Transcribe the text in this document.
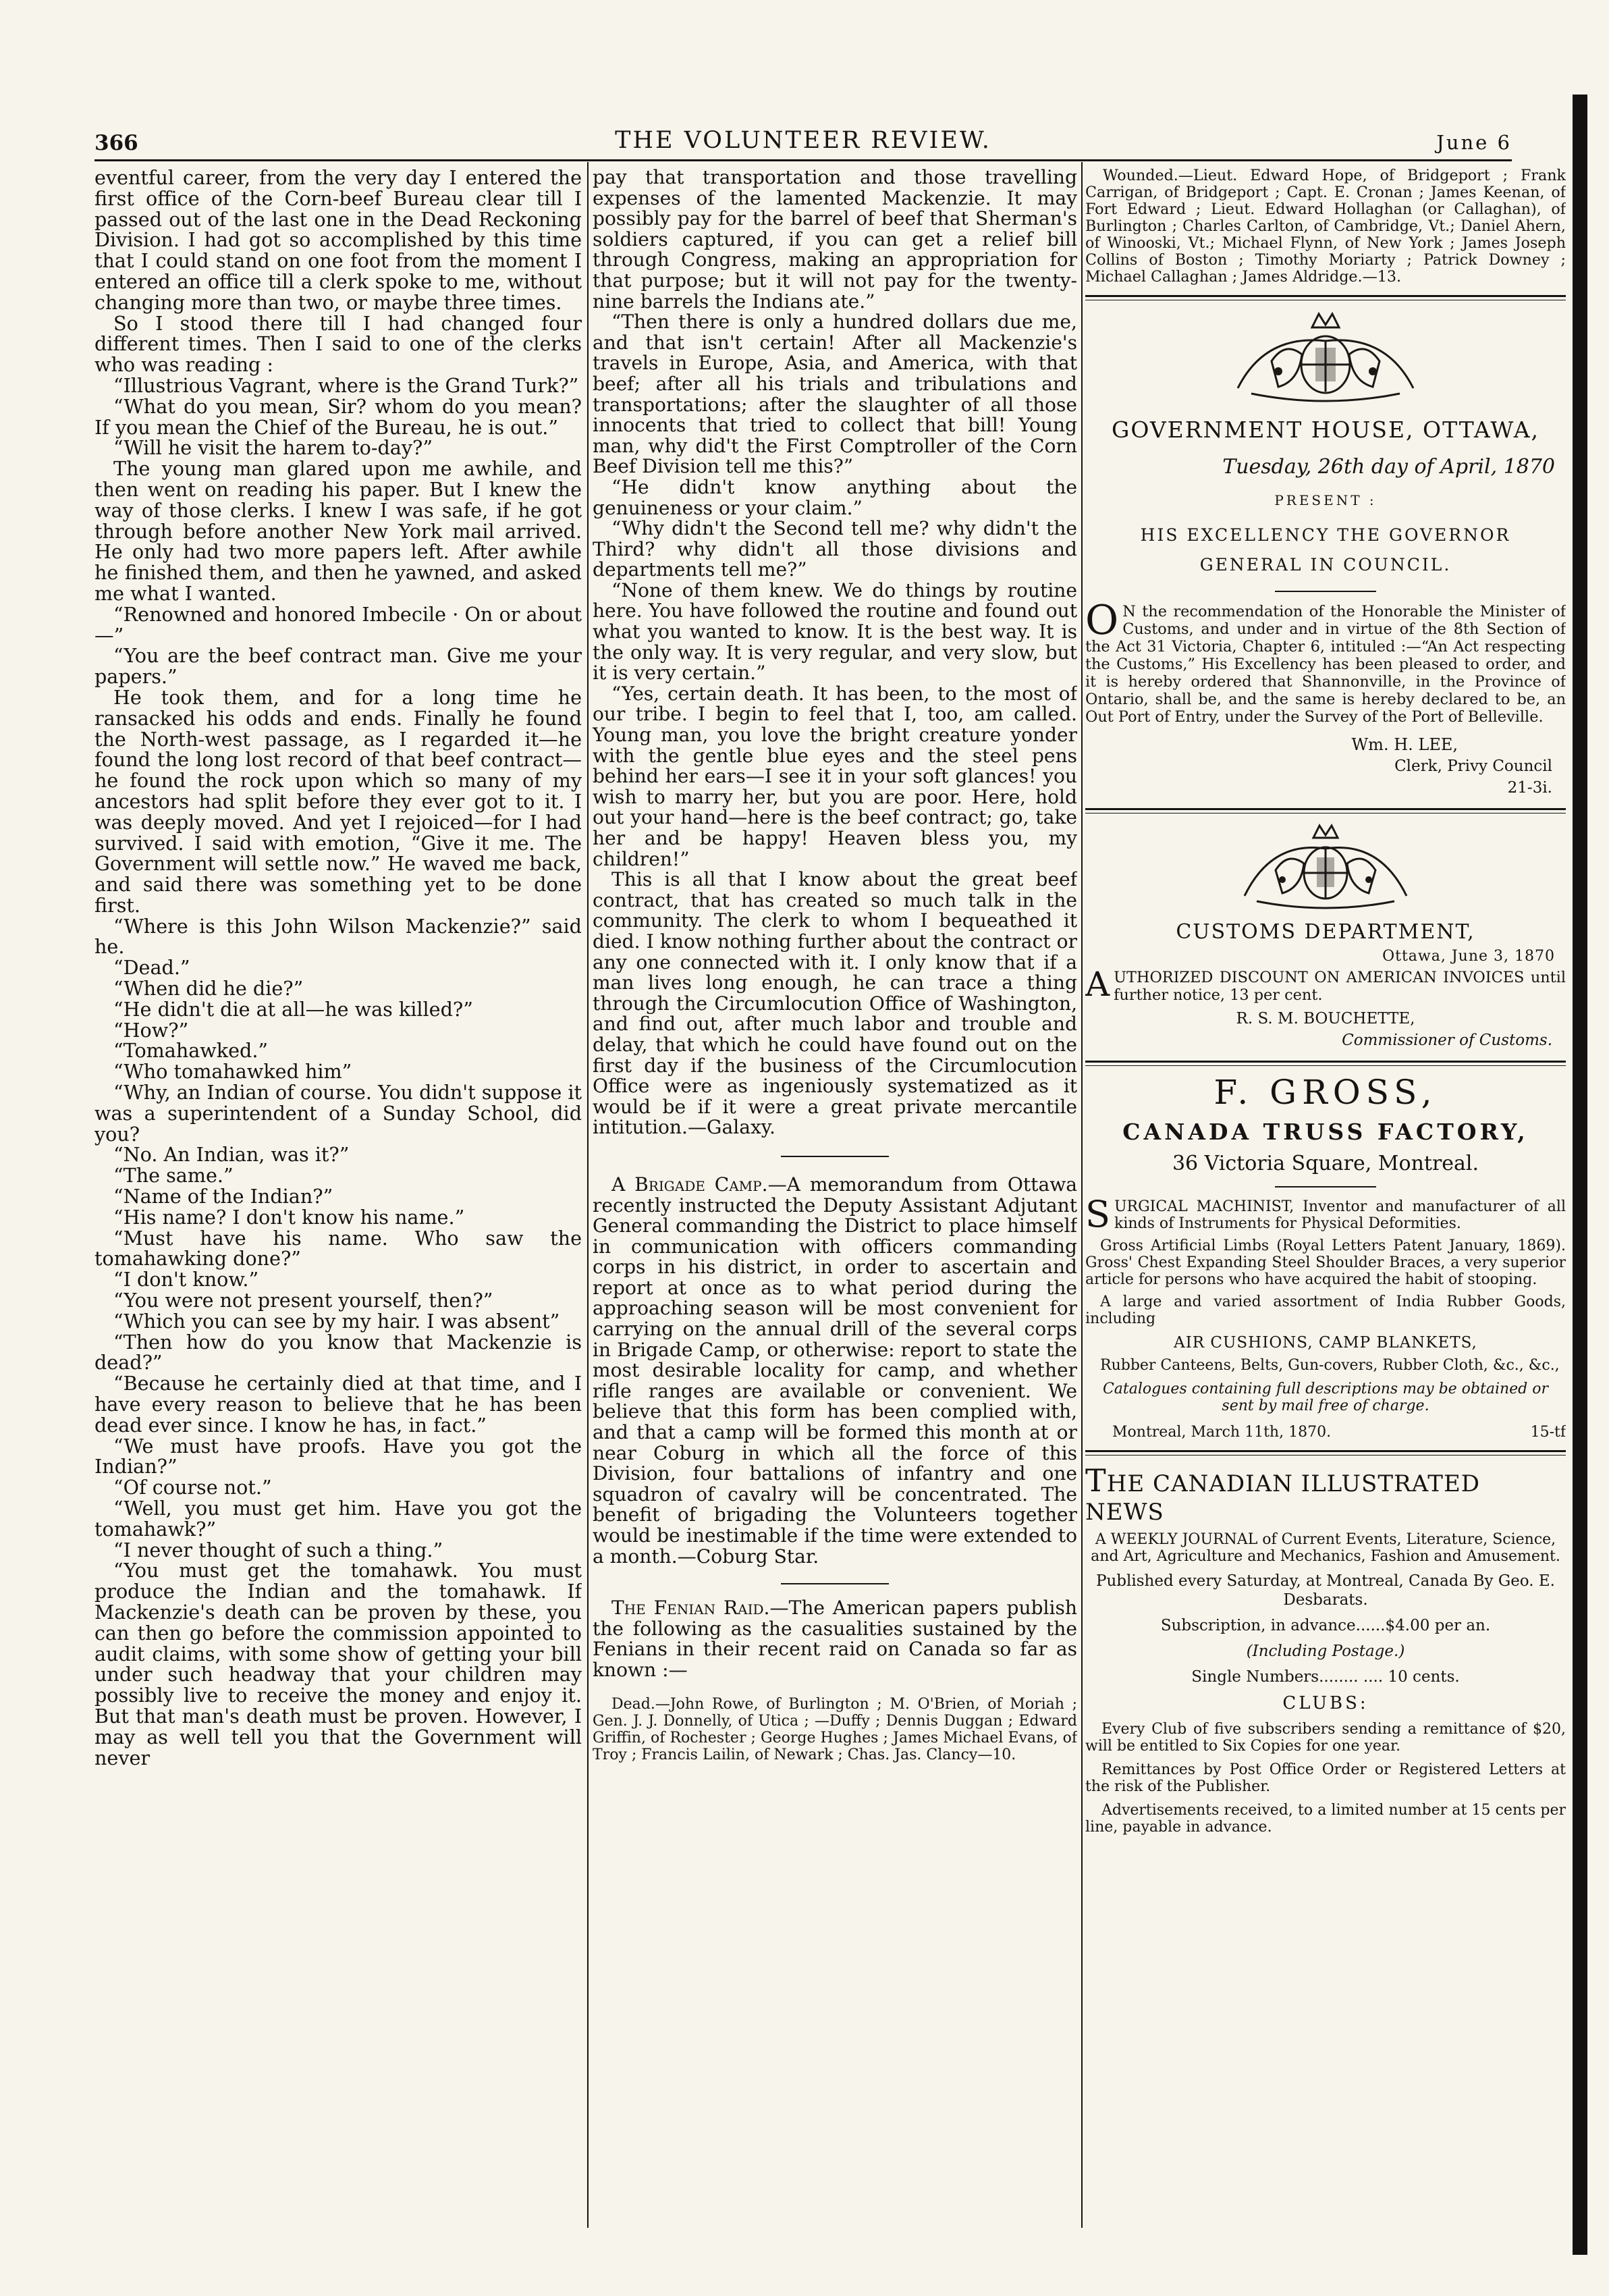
366	THE VOLUNTEER REVIEW.	June 6

eventful career, from the very day I entered the first office of the Corn-beef Bureau clear till I passed out of the last one in the Dead Reckoning Division. I had got so accomplished by this time that I could stand on one foot from the moment I entered an office till a clerk spoke to me, without changing more than two, or maybe three times.

So I stood there till I had changed four different times. Then I said to one of the clerks who was reading :

“Illustrious Vagrant, where is the Grand Turk?”

“What do you mean, Sir? whom do you mean? If you mean the Chief of the Bureau, he is out.”

“Will he visit the harem to-day?”

The young man glared upon me awhile, and then went on reading his paper. But I knew the way of those clerks. I knew I was safe, if he got through before another New York mail arrived. He only had two more papers left. After awhile he finished them, and then he yawned, and asked me what I wanted.

“Renowned and honored Imbecile · On or about—”

“You are the beef contract man. Give me your papers.”

He took them, and for a long time he ransacked his odds and ends. Finally he found the North-west passage, as I regarded it—he found the long lost record of that beef contract—he found the rock upon which so many of my ancestors had split before they ever got to it. I was deeply moved. And yet I rejoiced—for I had survived. I said with emotion, “Give it me. The Government will settle now.” He waved me back, and said there was something yet to be done first.

“Where is this John Wilson Mackenzie?” said he.

“Dead.”

“When did he die?”

“He didn't die at all—he was killed?”

“How?”

“Tomahawked.”

“Who tomahawked him”

“Why, an Indian of course. You didn't suppose it was a superintendent of a Sunday School, did you?

“No. An Indian, was it?”

“The same.”

“Name of the Indian?”

“His name? I don't know his name.”

“Must have his name. Who saw the tomahawking done?”

“I don't know.”

“You were not present yourself, then?”

“Which you can see by my hair. I was absent”

“Then how do you know that Mackenzie is dead?”

“Because he certainly died at that time, and I have every reason to believe that he has been dead ever since. I know he has, in fact.”

“We must have proofs. Have you got the Indian?”

“Of course not.”

“Well, you must get him. Have you got the tomahawk?”

“I never thought of such a thing.”

“You must get the tomahawk. You must produce the Indian and the tomahawk. If Mackenzie's death can be proven by these, you can then go before the commission appointed to audit claims, with some show of getting your bill under such headway that your children may possibly live to receive the money and enjoy it. But that man's death must be proven. However, I may as well tell you that the Government will never

pay that transportation and those travelling expenses of the lamented Mackenzie. It may possibly pay for the barrel of beef that Sherman's soldiers captured, if you can get a relief bill through Congress, making an appropriation for that purpose; but it will not pay for the twenty-nine barrels the Indians ate.”

“Then there is only a hundred dollars due me, and that isn't certain! After all Mackenzie's travels in Europe, Asia, and America, with that beef; after all his trials and tribulations and transportations; after the slaughter of all those innocents that tried to collect that bill! Young man, why did't the First Comptroller of the Corn Beef Division tell me this?”

“He didn't know anything about the genuineness or your claim.”

“Why didn't the Second tell me? why didn't the Third? why didn't all those divisions and departments tell me?”

“None of them knew. We do things by routine here. You have followed the routine and found out what you wanted to know. It is the best way. It is the only way. It is very regular, and very slow, but it is very certain.”

“Yes, certain death. It has been, to the most of our tribe. I begin to feel that I, too, am called. Young man, you love the bright creature yonder with the gentle blue eyes and the steel pens behind her ears—I see it in your soft glances! you wish to marry her, but you are poor. Here, hold out your hand—here is the beef contract; go, take her and be happy! Heaven bless you, my children!”

This is all that I know about the great beef contract, that has created so much talk in the community. The clerk to whom I bequeathed it died. I know nothing further about the contract or any one connected with it. I only know that if a man lives long enough, he can trace a thing through the Circumlocution Office of Washington, and find out, after much labor and trouble and delay, that which he could have found out on the first day if the business of the Circumlocution Office were as ingeniously systematized as it would be if it were a great private mercantile intitution.—Galaxy.

A Brigade Camp.—A memorandum from Ottawa recently instructed the Deputy Assistant Adjutant General commanding the District to place himself in communication with officers commanding corps in his district, in order to ascertain and report at once as to what period during the approaching season will be most convenient for carrying on the annual drill of the several corps in Brigade Camp, or otherwise: report to state the most desirable locality for camp, and whether rifle ranges are available or convenient. We believe that this form has been complied with, and that a camp will be formed this month at or near Coburg in which all the force of this Division, four battalions of infantry and one squadron of cavalry will be concentrated. The benefit of brigading the Volunteers together would be inestimable if the time were extended to a month.—Coburg Star.

The Fenian Raid.—The American papers publish the following as the casualities sustained by the Fenians in their recent raid on Canada so far as known :—

Dead.—John Rowe, of Burlington ; M. O'Brien, of Moriah ; Gen. J. J. Donnelly, of Utica ; —Duffy ; Dennis Duggan ; Edward Griffin, of Rochester ; George Hughes ; James Michael Evans, of Troy ; Francis Lailin, of Newark ; Chas. Jas. Clancy—10.

Wounded.—Lieut. Edward Hope, of Bridgeport ; Frank Carrigan, of Bridgeport ; Capt. E. Cronan ; James Keenan, of Fort Edward ; Lieut. Edward Hollaghan (or Callaghan), of Burlington ; Charles Carlton, of Cambridge, Vt.; Daniel Ahern, of Winooski, Vt.; Michael Flynn, of New York ; James Joseph Collins of Boston ; Timothy Moriarty ; Patrick Downey ; Michael Callaghan ; James Aldridge.—13.

GOVERNMENT HOUSE, OTTAWA,
Tuesday, 26th day of April, 1870
PRESENT :
HIS EXCELLENCY THE GOVERNOR
GENERAL IN COUNCIL.

O N the recommendation of the Honorable the Minister of Customs, and under and in virtue of the 8th Section of the Act 31 Victoria, Chapter 6, intituled :—“An Act respecting the Customs,” His Excellency has been pleased to order, and it is hereby ordered that Shannonville, in the Province of Ontario, shall be, and the same is hereby declared to be, an Out Port of Entry, under the Survey of the Port of Belleville.

Wm. H. LEE,
Clerk, Privy Council
21-3i.
CUSTOMS DEPARTMENT,
Ottawa, June 3, 1870

AUTHORIZED DISCOUNT ON AMERICAN INVOICES until further notice, 13 per cent.

R. S. M. BOUCHETTE,
Commissioner of Customs.
F. GROSS,
CANADA TRUSS FACTORY,
36 Victoria Square, Montreal.

SURGICAL MACHINIST, Inventor and manufacturer of all kinds of Instruments for Physical Deformities.

Gross Artificial Limbs (Royal Letters Patent January, 1869). Gross' Chest Expanding Steel Shoulder Braces, a very superior article for persons who have acquired the habit of stooping.

A large and varied assortment of India Rubber Goods, including

AIR CUSHIONS, CAMP BLANKETS,

Rubber Canteens, Belts, Gun-covers, Rubber Cloth, &c., &c.,

Catalogues containing full descriptions may be obtained or sent by mail free of charge.

Montreal, March 11th, 1870.	15-tf

THE CANADIAN ILLUSTRATED NEWS

A WEEKLY JOURNAL of Current Events, Literature, Science, and Art, Agriculture and Mechanics, Fashion and Amusement.

Published every Saturday, at Montreal, Canada By Geo. E. Desbarats.

Subscription, in advance......$4.00 per an.

(Including Postage.)

Single Numbers........ .... 10 cents.

CLUBS:

Every Club of five subscribers sending a remittance of $20, will be entitled to Six Copies for one year.

Remittances by Post Office Order or Registered Letters at the risk of the Publisher.

Advertisements received, to a limited number at 15 cents per line, payable in advance.
